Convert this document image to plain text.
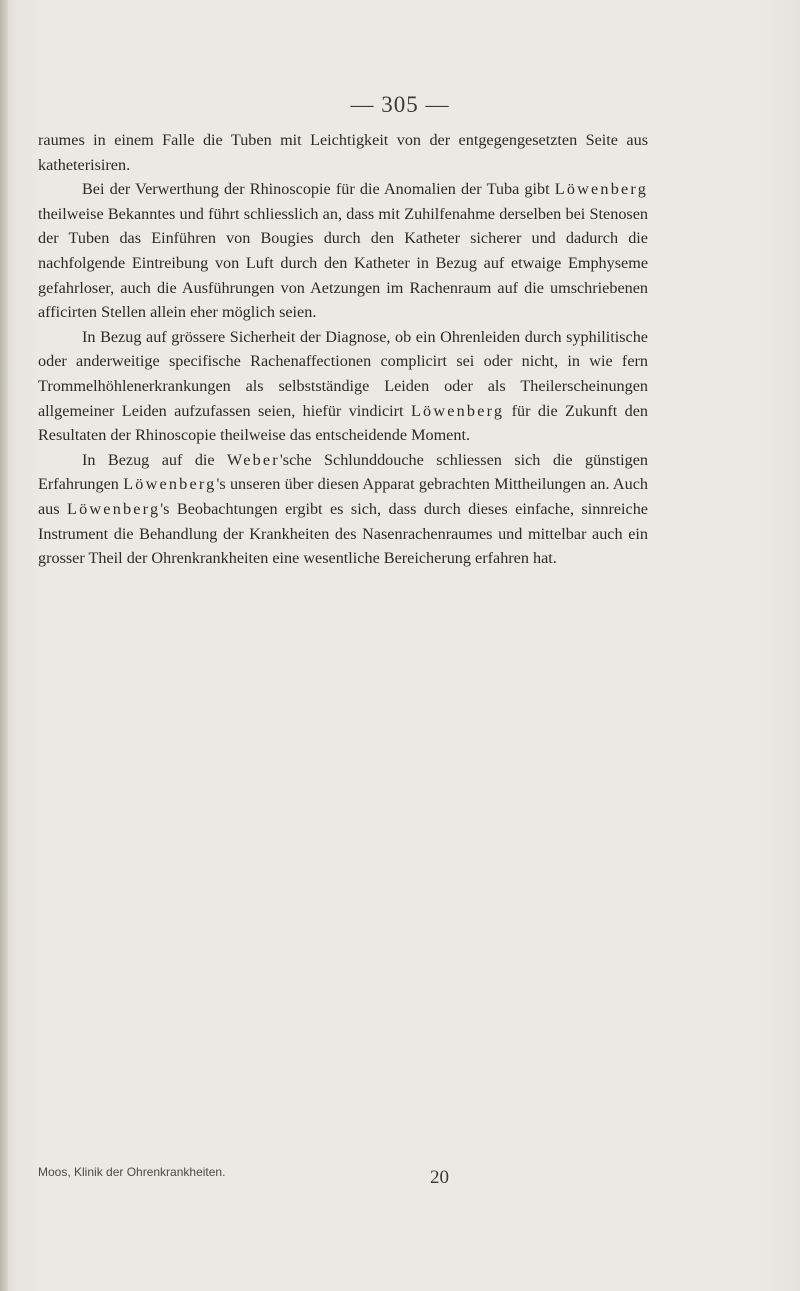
— 305 —

raumes in einem Falle die Tuben mit Leichtigkeit von der entgegengesetzten Seite aus katheterisiren.

Bei der Verwerthung der Rhinoscopie für die Anomalien der Tuba gibt Löwenberg theilweise Bekanntes und führt schliesslich an, dass mit Zuhilfenahme derselben bei Stenosen der Tuben das Einführen von Bougies durch den Katheter sicherer und dadurch die nachfolgende Eintreibung von Luft durch den Katheter in Bezug auf etwaige Emphyseme gefahrloser, auch die Ausführungen von Aetzungen im Rachenraum auf die umschriebenen afficirten Stellen allein eher möglich seien.

In Bezug auf grössere Sicherheit der Diagnose, ob ein Ohrenleiden durch syphilitische oder anderweitige specifische Rachenaffectionen complicirt sei oder nicht, in wie fern Trommelhöhlenerkrankungen als selbstständige Leiden oder als Theilerscheinungen allgemeiner Leiden aufzufassen seien, hiefür vindicirt Löwenberg für die Zukunft den Resultaten der Rhinoscopie theilweise das entscheidende Moment.

In Bezug auf die Weber'sche Schlunddouche schliessen sich die günstigen Erfahrungen Löwenberg's unseren über diesen Apparat gebrachten Mittheilungen an. Auch aus Löwenberg's Beobachtungen ergibt es sich, dass durch dieses einfache, sinnreiche Instrument die Behandlung der Krankheiten des Nasenrachenraumes und mittelbar auch ein grosser Theil der Ohrenkrankheiten eine wesentliche Bereicherung erfahren hat.

Moos, Klinik der Ohrenkrankheiten.	20
